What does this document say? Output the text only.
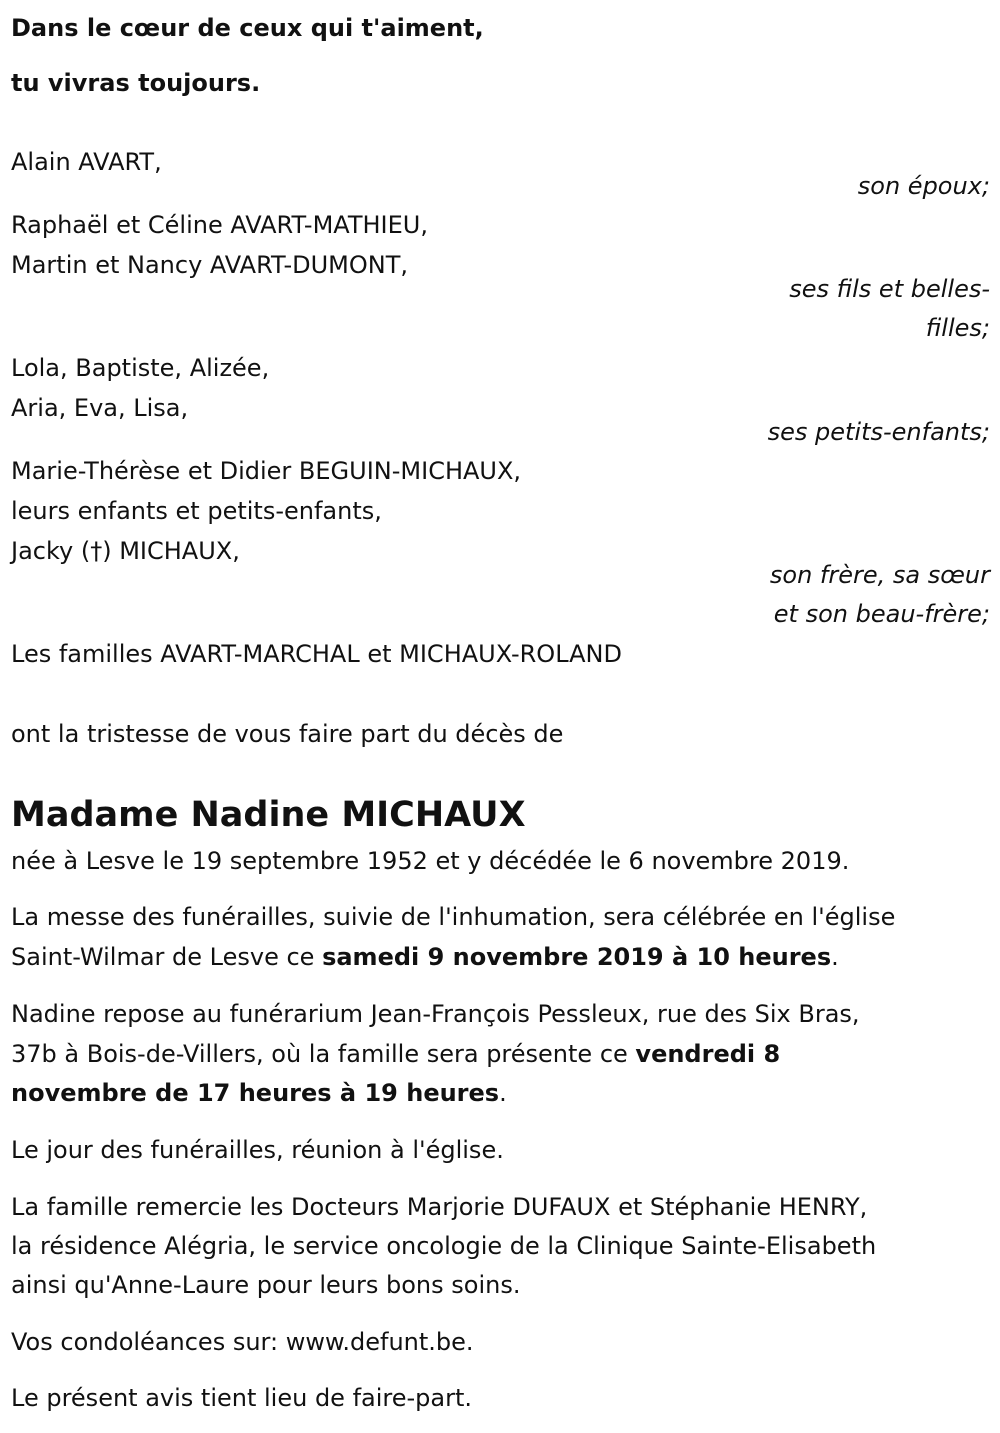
Dans le cœur de ceux qui t'aiment,
tu vivras toujours.
Alain AVART,
son époux;
Raphaël et Céline AVART-MATHIEU,
Martin et Nancy AVART-DUMONT,
ses fils et belles-
filles;
Lola, Baptiste, Alizée,
Aria, Eva, Lisa,
ses petits-enfants;
Marie-Thérèse et Didier BEGUIN-MICHAUX,
leurs enfants et petits-enfants,
Jacky (†) MICHAUX,
son frère, sa sœur
et son beau-frère;
Les familles AVART-MARCHAL et MICHAUX-ROLAND
ont la tristesse de vous faire part du décès de
Madame Nadine MICHAUX
née à Lesve le 19 septembre 1952 et y décédée le 6 novembre 2019.
La messe des funérailles, suivie de l'inhumation, sera célébrée en l'église
Saint-Wilmar de Lesve ce samedi 9 novembre 2019 à 10 heures.
Nadine repose au funérarium Jean-François Pessleux, rue des Six Bras,
37b à Bois-de-Villers, où la famille sera présente ce vendredi 8
novembre de 17 heures à 19 heures.
Le jour des funérailles, réunion à l'église.
La famille remercie les Docteurs Marjorie DUFAUX et Stéphanie HENRY,
la résidence Alégria, le service oncologie de la Clinique Sainte-Elisabeth
ainsi qu'Anne-Laure pour leurs bons soins.
Vos condoléances sur: www.defunt.be.
Le présent avis tient lieu de faire-part.
